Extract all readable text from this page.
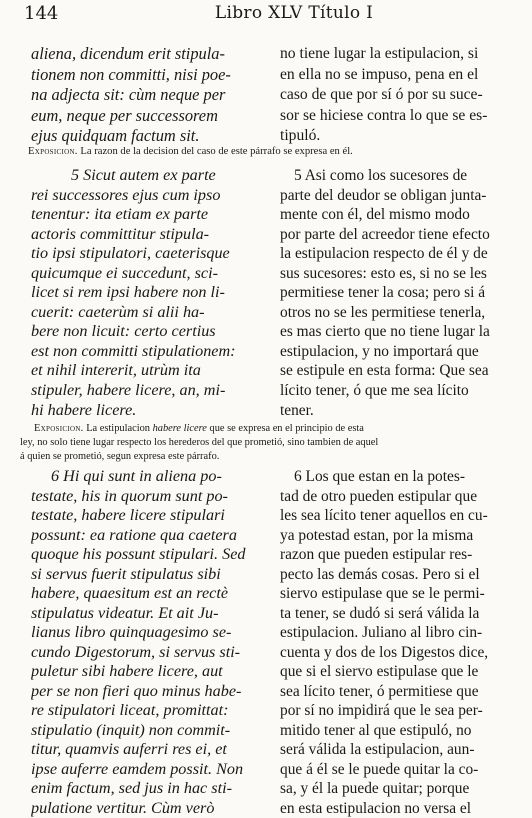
144	Libro XLV Título I
aliena, dicendum erit stipula-
tionem non committi, nisi poe-
na adjecta sit: cùm neque per
eum, neque per successorem
ejus quidquam factum sit.
no tiene lugar la estipulacion, si
en ella no se impuso, pena en el
caso de que por sí ó por su suce-
sor se hiciese contra lo que se es-
tipuló.
Exposicion. La razon de la decision del caso de este párrafo se expresa en él.
5 Sicut autem ex parte
rei successores ejus cum ipso
tenentur: ita etiam ex parte
actoris committitur stipula-
tio ipsi stipulatori, caeterisque
quicumque ei succedunt, sci-
licet si rem ipsi habere non li-
cuerit: caeterùm si alii ha-
bere non licuit: certo certius
est non committi stipulationem:
et nihil intererit, utrùm ita
stipuler, habere licere, an, mi-
hi habere licere.
5 Asi como los sucesores de
parte del deudor se obligan junta-
mente con él, del mismo modo
por parte del acreedor tiene efecto
la estipulacion respecto de él y de
sus sucesores: esto es, si no se les
permitiese tener la cosa; pero si á
otros no se les permitiese tenerla,
es mas cierto que no tiene lugar la
estipulacion, y no importará que
se estipule en esta forma: Que sea
lícito tener, ó que me sea lícito
tener.
Exposicion. La estipulacion habere licere que se expresa en el principio de esta
ley, no solo tiene lugar respecto los herederos del que prometió, sino tambien de aquel
á quien se prometió, segun expresa este párrafo.
6 Hi qui sunt in aliena po-
testate, his in quorum sunt po-
testate, habere licere stipulari
possunt: ea ratione qua caetera
quoque his possunt stipulari. Sed
si servus fuerit stipulatus sibi
habere, quaesitum est an rectè
stipulatus videatur. Et ait Ju-
lianus libro quinquagesimo se-
cundo Digestorum, si servus sti-
puletur sibi habere licere, aut
per se non fieri quo minus habe-
re stipulatori liceat, promittat:
stipulatio (inquit) non commit-
titur, quamvis auferri res ei, et
ipse auferre eamdem possit. Non
enim factum, sed jus in hac sti-
pulatione vertitur. Cùm verò
6 Los que estan en la potes-
tad de otro pueden estipular que
les sea lícito tener aquellos en cu-
ya potestad estan, por la misma
razon que pueden estipular res-
pecto las demás cosas. Pero si el
siervo estipulase que se le permi-
ta tener, se dudó si será válida la
estipulacion. Juliano al libro cin-
cuenta y dos de los Digestos dice,
que si el siervo estipulase que le
sea lícito tener, ó permitiese que
por sí no impidirá que le sea per-
mitido tener al que estipuló, no
será válida la estipulacion, aun-
que á él se le puede quitar la co-
sa, y él la puede quitar; porque
en esta estipulacion no versa el
